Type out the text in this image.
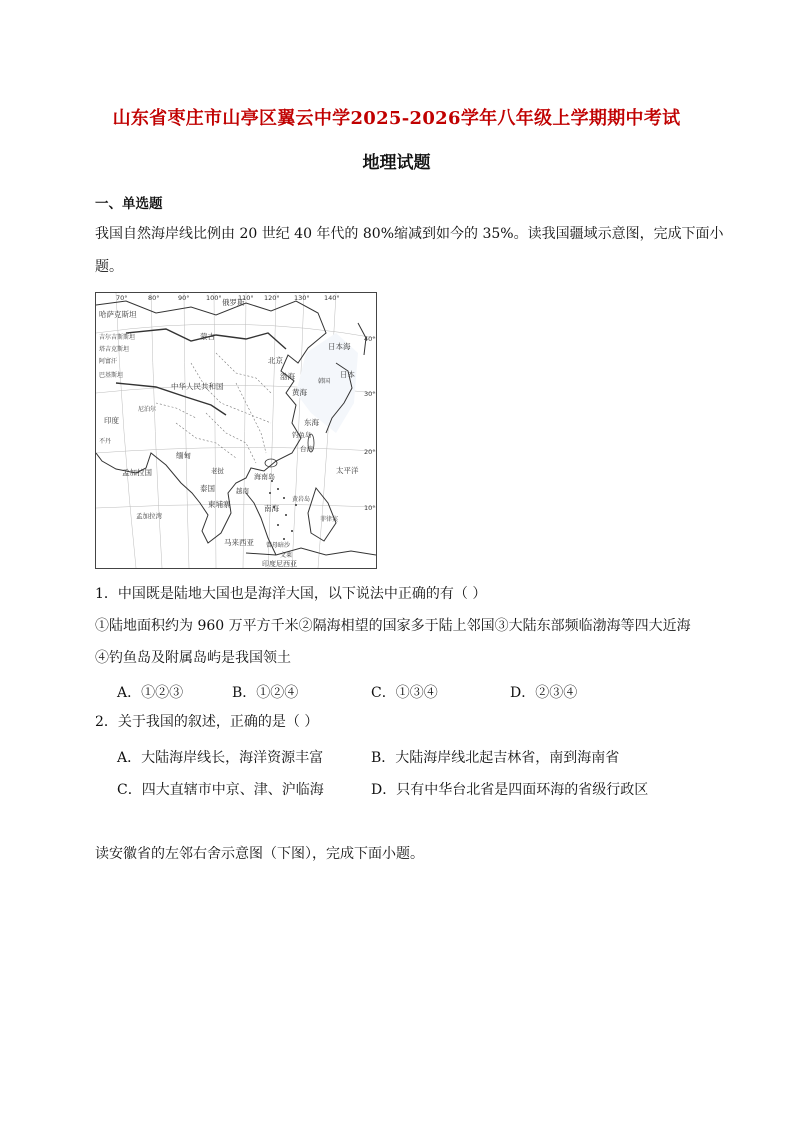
山东省枣庄市山亭区翼云中学2025-2026学年八年级上学期期中考试
地理试题
一、单选题
我国自然海岸线比例由 20 世纪 40 年代的 80%缩减到如今的 35%。读我国疆域示意图，完成下面小
题。
70°	80°	90°	100°	110° 120° 130° 140°
40°
30°
20°
10°
俄罗斯
哈萨克斯坦
吉尔吉斯斯坦
塔吉克斯坦
阿富汗
巴基斯坦
蒙古
中华人民共和国
北京
渤海
黄海
日本海
日本
韩国
印度
尼泊尔
不丹
孟加拉国
缅甸
老挝
泰国	越南
柬埔寨
东海
钓鱼岛
台湾
海南岛
南海
黄岩岛
太平洋
菲律宾
马来西亚 曾母暗沙
文莱
印度尼西亚
孟加拉湾
1．中国既是陆地大国也是海洋大国，以下说法中正确的有（ ）
①陆地面积约为 960 万平方千米②隔海相望的国家多于陆上邻国③大陆东部频临渤海等四大近海
④钓鱼岛及附属岛屿是我国领土
A．①②③	B．①②④	C．①③④	D．②③④
2．关于我国的叙述，正确的是（ ）
A．大陆海岸线长，海洋资源丰富	B．大陆海岸线北起吉林省，南到海南省
C．四大直辖市中京、津、沪临海	D．只有中华台北省是四面环海的省级行政区
读安徽省的左邻右舍示意图（下图），完成下面小题。
